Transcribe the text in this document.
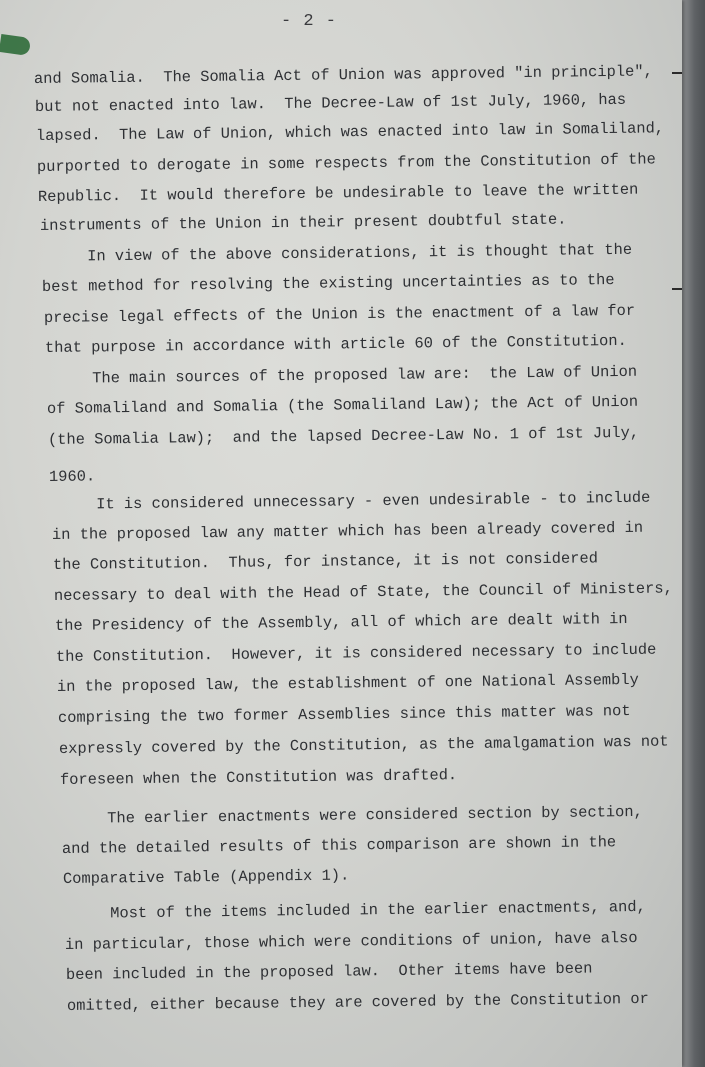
- 2 -
and Somalia.  The Somalia Act of Union was approved "in principle",
but not enacted into law.  The Decree-Law of 1st July, 1960, has
lapsed.  The Law of Union, which was enacted into law in Somaliland,
purported to derogate in some respects from the Constitution of the
Republic.  It would therefore be undesirable to leave the written
instruments of the Union in their present doubtful state.
In view of the above considerations, it is thought that the
best method for resolving the existing uncertainties as to the
precise legal effects of the Union is the enactment of a law for
that purpose in accordance with article 60 of the Constitution.
The main sources of the proposed law are:  the Law of Union
of Somaliland and Somalia (the Somaliland Law); the Act of Union
(the Somalia Law);  and the lapsed Decree-Law No. 1 of 1st July,
1960.
It is considered unnecessary - even undesirable - to include
in the proposed law any matter which has been already covered in
the Constitution.  Thus, for instance, it is not considered
necessary to deal with the Head of State, the Council of Ministers,
the Presidency of the Assembly, all of which are dealt with in
the Constitution.  However, it is considered necessary to include
in the proposed law, the establishment of one National Assembly
comprising the two former Assemblies since this matter was not
expressly covered by the Constitution, as the amalgamation was not
foreseen when the Constitution was drafted.
The earlier enactments were considered section by section,
and the detailed results of this comparison are shown in the
Comparative Table (Appendix 1).
Most of the items included in the earlier enactments, and,
in particular, those which were conditions of union, have also
been included in the proposed law.  Other items have been
omitted, either because they are covered by the Constitution or
